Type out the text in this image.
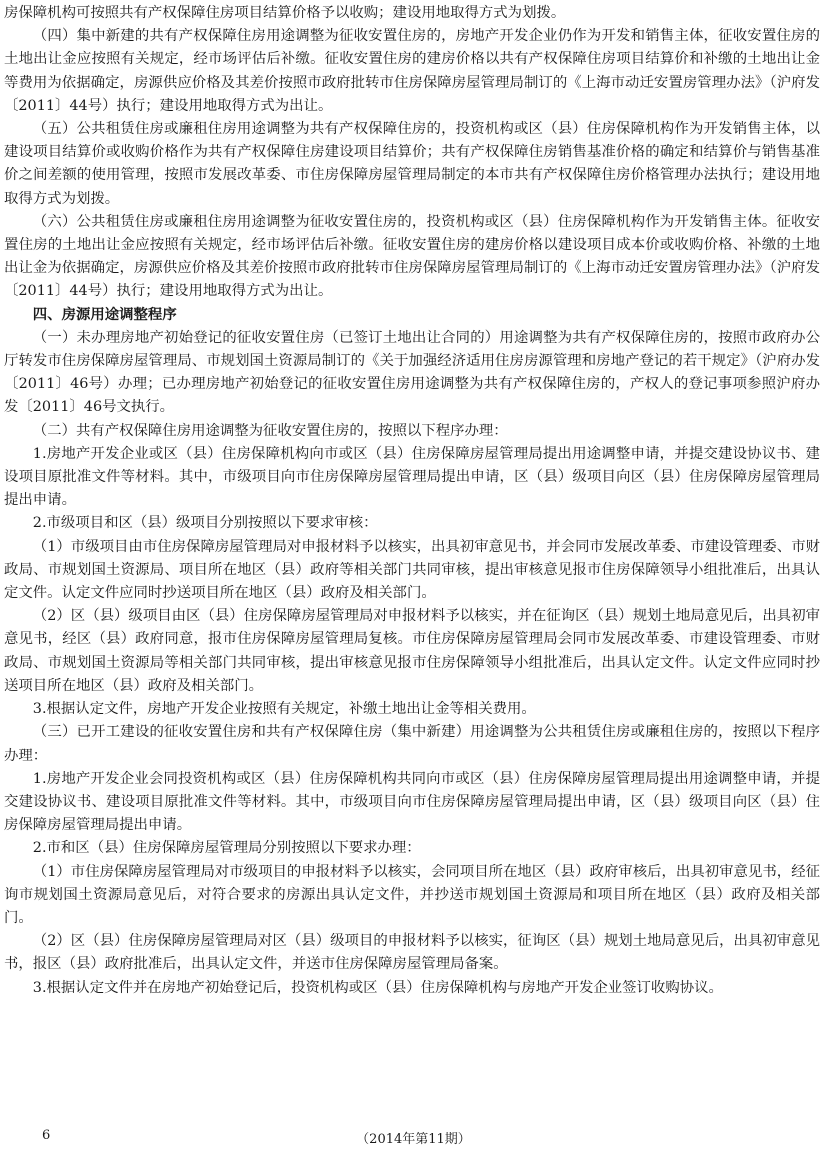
房保障机构可按照共有产权保障住房项目结算价格予以收购；建设用地取得方式为划拨。

（四）集中新建的共有产权保障住房用途调整为征收安置住房的，房地产开发企业仍作为开发和销售主体，征收安置住房的土地出让金应按照有关规定，经市场评估后补缴。征收安置住房的建房价格以共有产权保障住房项目结算价和补缴的土地出让金等费用为依据确定，房源供应价格及其差价按照市政府批转市住房保障房屋管理局制订的《上海市动迁安置房管理办法》（沪府发〔2011〕44号）执行；建设用地取得方式为出让。

（五）公共租赁住房或廉租住房用途调整为共有产权保障住房的，投资机构或区（县）住房保障机构作为开发销售主体，以建设项目结算价或收购价格作为共有产权保障住房建设项目结算价；共有产权保障住房销售基准价格的确定和结算价与销售基准价之间差额的使用管理，按照市发展改革委、市住房保障房屋管理局制定的本市共有产权保障住房价格管理办法执行；建设用地取得方式为划拨。

（六）公共租赁住房或廉租住房用途调整为征收安置住房的，投资机构或区（县）住房保障机构作为开发销售主体。征收安置住房的土地出让金应按照有关规定，经市场评估后补缴。征收安置住房的建房价格以建设项目成本价或收购价格、补缴的土地出让金为依据确定，房源供应价格及其差价按照市政府批转市住房保障房屋管理局制订的《上海市动迁安置房管理办法》（沪府发〔2011〕44号）执行；建设用地取得方式为出让。

四、房源用途调整程序

（一）未办理房地产初始登记的征收安置住房（已签订土地出让合同的）用途调整为共有产权保障住房的，按照市政府办公厅转发市住房保障房屋管理局、市规划国土资源局制订的《关于加强经济适用住房房源管理和房地产登记的若干规定》（沪府办发〔2011〕46号）办理；已办理房地产初始登记的征收安置住房用途调整为共有产权保障住房的，产权人的登记事项参照沪府办发〔2011〕46号文执行。

（二）共有产权保障住房用途调整为征收安置住房的，按照以下程序办理：

1.房地产开发企业或区（县）住房保障机构向市或区（县）住房保障房屋管理局提出用途调整申请，并提交建设协议书、建设项目原批准文件等材料。其中，市级项目向市住房保障房屋管理局提出申请，区（县）级项目向区（县）住房保障房屋管理局提出申请。

2.市级项目和区（县）级项目分别按照以下要求审核：

（1）市级项目由市住房保障房屋管理局对申报材料予以核实，出具初审意见书，并会同市发展改革委、市建设管理委、市财政局、市规划国土资源局、项目所在地区（县）政府等相关部门共同审核，提出审核意见报市住房保障领导小组批准后，出具认定文件。认定文件应同时抄送项目所在地区（县）政府及相关部门。

（2）区（县）级项目由区（县）住房保障房屋管理局对申报材料予以核实，并在征询区（县）规划土地局意见后，出具初审意见书，经区（县）政府同意，报市住房保障房屋管理局复核。市住房保障房屋管理局会同市发展改革委、市建设管理委、市财政局、市规划国土资源局等相关部门共同审核，提出审核意见报市住房保障领导小组批准后，出具认定文件。认定文件应同时抄送项目所在地区（县）政府及相关部门。

3.根据认定文件，房地产开发企业按照有关规定，补缴土地出让金等相关费用。

（三）已开工建设的征收安置住房和共有产权保障住房（集中新建）用途调整为公共租赁住房或廉租住房的，按照以下程序办理：

1.房地产开发企业会同投资机构或区（县）住房保障机构共同向市或区（县）住房保障房屋管理局提出用途调整申请，并提交建设协议书、建设项目原批准文件等材料。其中，市级项目向市住房保障房屋管理局提出申请，区（县）级项目向区（县）住房保障房屋管理局提出申请。

2.市和区（县）住房保障房屋管理局分别按照以下要求办理：

（1）市住房保障房屋管理局对市级项目的申报材料予以核实，会同项目所在地区（县）政府审核后，出具初审意见书，经征询市规划国土资源局意见后，对符合要求的房源出具认定文件，并抄送市规划国土资源局和项目所在地区（县）政府及相关部门。

（2）区（县）住房保障房屋管理局对区（县）级项目的申报材料予以核实，征询区（县）规划土地局意见后，出具初审意见书，报区（县）政府批准后，出具认定文件，并送市住房保障房屋管理局备案。

3.根据认定文件并在房地产初始登记后，投资机构或区（县）住房保障机构与房地产开发企业签订收购协议。

6	（2014年第11期）
